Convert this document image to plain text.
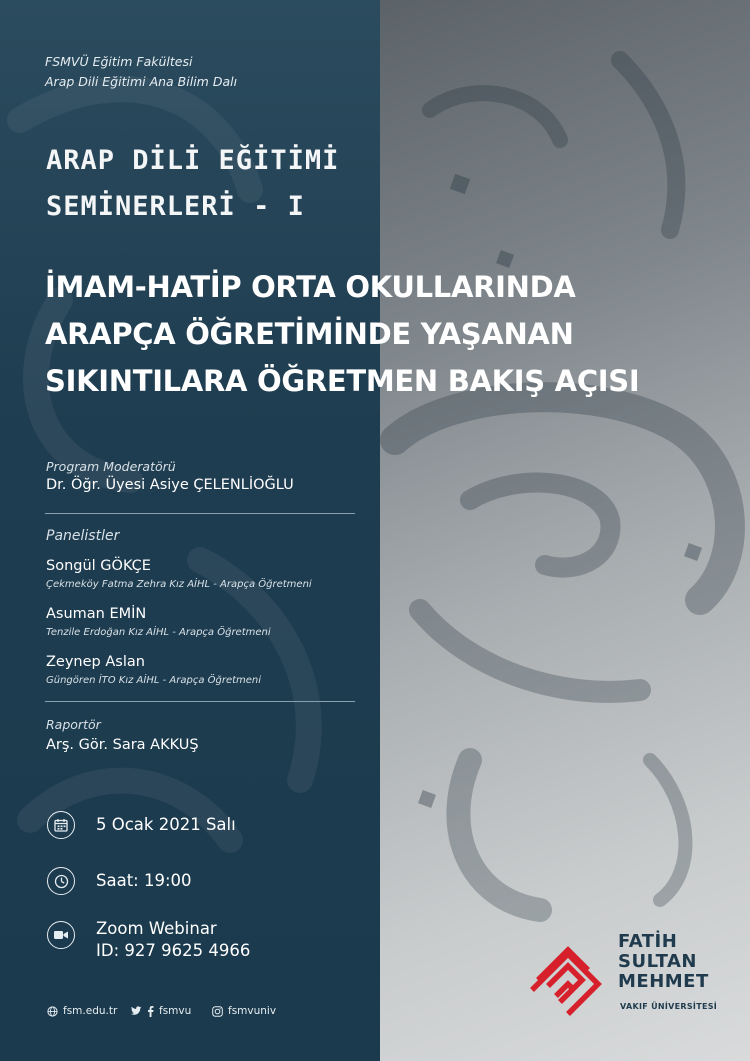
FSMVÜ Eğitim Fakültesi
Arap Dili Eğitimi Ana Bilim Dalı
ARAP DİLİ EĞİTİMİ
SEMİNERLERİ - I
İMAM-HATİP ORTA OKULLARINDA
ARAPÇA ÖĞRETİMİNDE YAŞANAN
SIKINTILARA ÖĞRETMEN BAKIŞ AÇISI
Program Moderatörü
Dr. Öğr. Üyesi Asiye ÇELENLİOĞLU
Panelistler
Songül GÖKÇE
Çekmeköy Fatma Zehra Kız AİHL - Arapça Öğretmeni
Asuman EMİN
Tenzile Erdoğan Kız AİHL - Arapça Öğretmeni
Zeynep Aslan
Güngören İTO Kız AİHL - Arapça Öğretmeni
Raportör
Arş. Gör. Sara AKKUŞ
5 Ocak 2021 Salı
Saat: 19:00
Zoom Webinar
ID: 927 9625 4966
fsm.edu.tr	fsmvu	fsmvuniv
FATİH
SULTAN
MEHMET
VAKIF ÜNİVERSİTESİ
